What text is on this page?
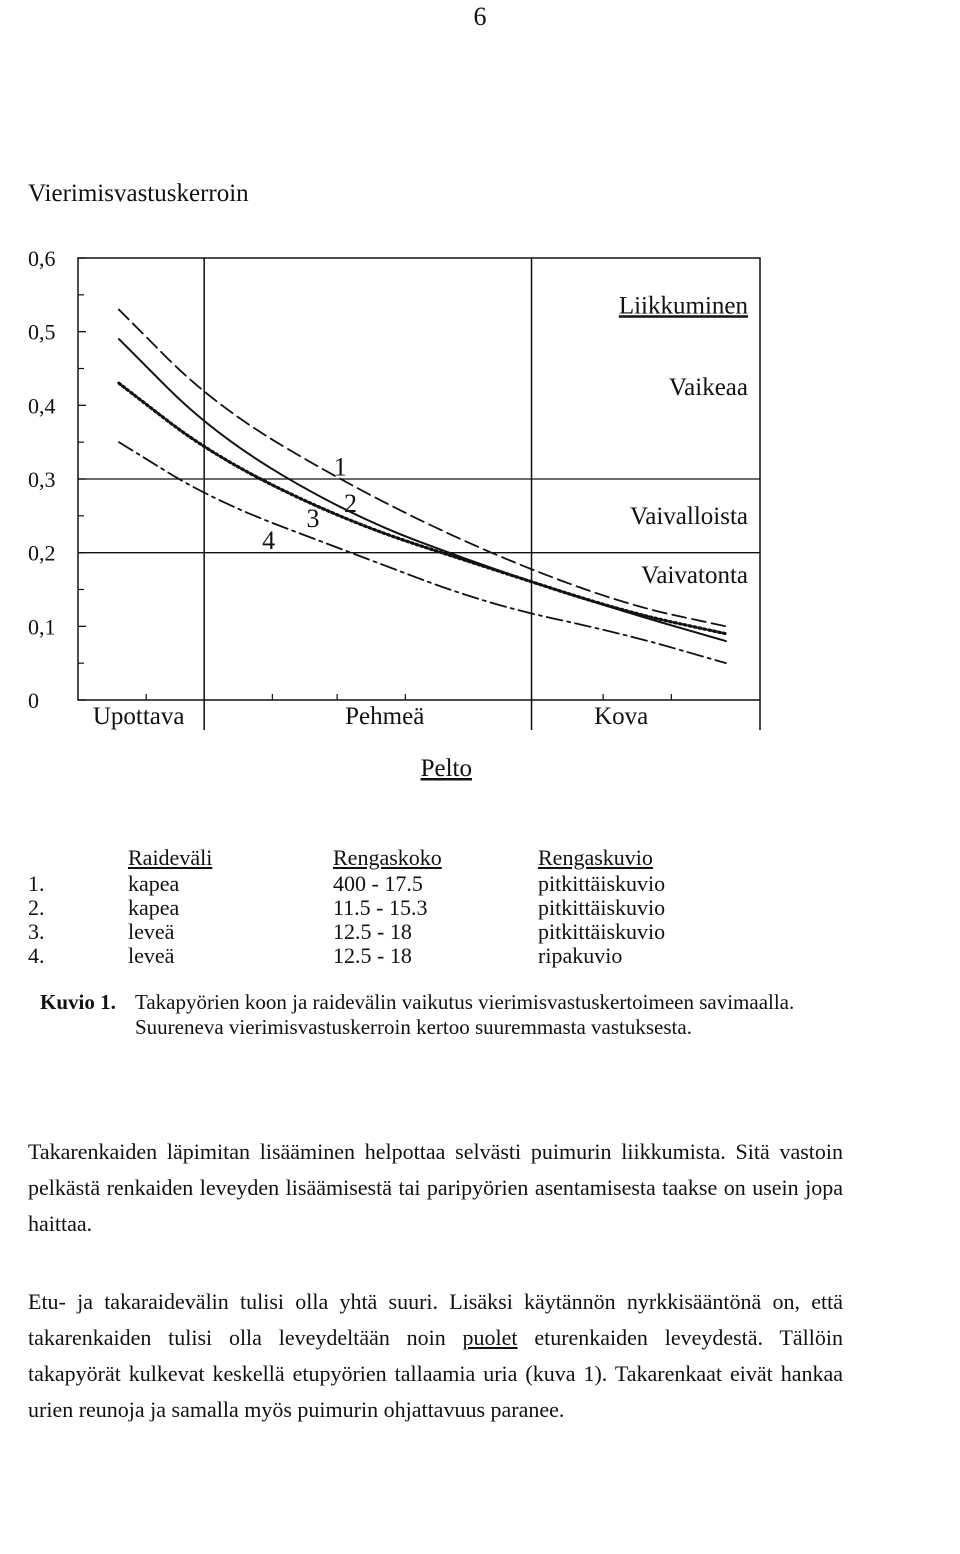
6
Vierimisvastuskerroin
0
0,1
0,2
0,3
0,4
0,5
0,6
1
2
3
4
Liikkuminen
Vaikeaa
Vaivalloista
Vaivatonta
Upottava	Pehmeä	Kova
Pelto
Raideväli	Rengaskoko	Rengaskuvio
1.	kapea	400 - 17.5	pitkittäiskuvio
2.	kapea	11.5 - 15.3	pitkittäiskuvio
3.	leveä	12.5 - 18	pitkittäiskuvio
4.	leveä	12.5 - 18	ripakuvio
Kuvio 1. Takapyörien koon ja raidevälin vaikutus vierimisvastuskertoimeen savimaalla. Suureneva vierimisvastuskerroin kertoo suuremmasta vastuksesta.
Takarenkaiden läpimitan lisääminen helpottaa selvästi puimurin liikkumista. Sitä vastoin pelkästä renkaiden leveyden lisäämisestä tai paripyörien asentamisesta taakse on usein jopa haittaa.
Etu- ja takaraidevälin tulisi olla yhtä suuri. Lisäksi käytännön nyrkkisääntönä on, että takarenkaiden tulisi olla leveydeltään noin puolet eturenkaiden leveydestä. Tällöin takapyörät kulkevat keskellä etupyörien tallaamia uria (kuva 1). Takarenkaat eivät hankaa urien reunoja ja samalla myös puimurin ohjattavuus paranee.
